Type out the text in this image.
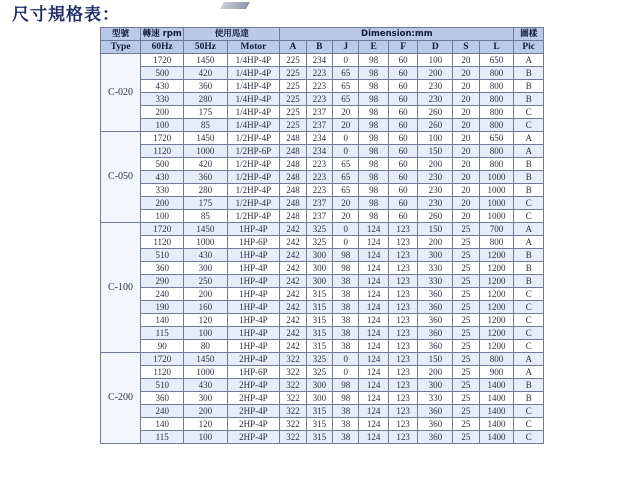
尺寸規格表：
型號	轉速 rpm	使用馬達		Dimension:mm								圖樣
Type	60Hz	50Hz	Motor	A	B	J	E	F	D	S	L	Pic
C-020	1720	1450	1/4HP-4P	225	234	0	98	60	100	20	650	A
	500	420	1/4HP-4P	225	223	65	98	60	200	20	800	B
	430	360	1/4HP-4P	225	223	65	98	60	230	20	800	B
	330	280	1/4HP-4P	225	223	65	98	60	230	20	800	B
	200	175	1/4HP-4P	225	237	20	98	60	260	20	800	C
	100	85	1/4HP-4P	225	237	20	98	60	260	20	800	C
C-050	1720	1450	1/2HP-4P	248	234	0	98	60	100	20	650	A
	1120	1000	1/2HP-6P	248	234	0	98	60	150	20	800	A
	500	420	1/2HP-4P	248	223	65	98	60	200	20	800	B
	430	360	1/2HP-4P	248	223	65	98	60	230	20	1000	B
	330	280	1/2HP-4P	248	223	65	98	60	230	20	1000	B
	200	175	1/2HP-4P	248	237	20	98	60	230	20	1000	C
	100	85	1/2HP-4P	248	237	20	98	60	260	20	1000	C
C-100	1720	1450	1HP-4P	242	325	0	124	123	150	25	700	A
	1120	1000	1HP-6P	242	325	0	124	123	200	25	800	A
	510	430	1HP-4P	242	300	98	124	123	300	25	1200	B
	360	300	1HP-4P	242	300	98	124	123	330	25	1200	B
	290	250	1HP-4P	242	300	38	124	123	330	25	1200	B
	240	200	1HP-4P	242	315	38	124	123	360	25	1200	C
	190	160	1HP-4P	242	315	38	124	123	360	25	1200	C
	140	120	1HP-4P	242	315	38	124	123	360	25	1200	C
	115	100	1HP-4P	242	315	38	124	123	360	25	1200	C
	90	80	1HP-4P	242	315	38	124	123	360	25	1200	C
C-200	1720	1450	2HP-4P	322	325	0	124	123	150	25	800	A
	1120	1000	1HP-6P	322	325	0	124	123	200	25	900	A
	510	430	2HP-4P	322	300	98	124	123	300	25	1400	B
	360	300	2HP-4P	322	300	98	124	123	330	25	1400	B
	240	200	2HP-4P	322	315	38	124	123	360	25	1400	C
	140	120	2HP-4P	322	315	38	124	123	360	25	1400	C
	115	100	2HP-4P	322	315	38	124	123	360	25	1400	C
